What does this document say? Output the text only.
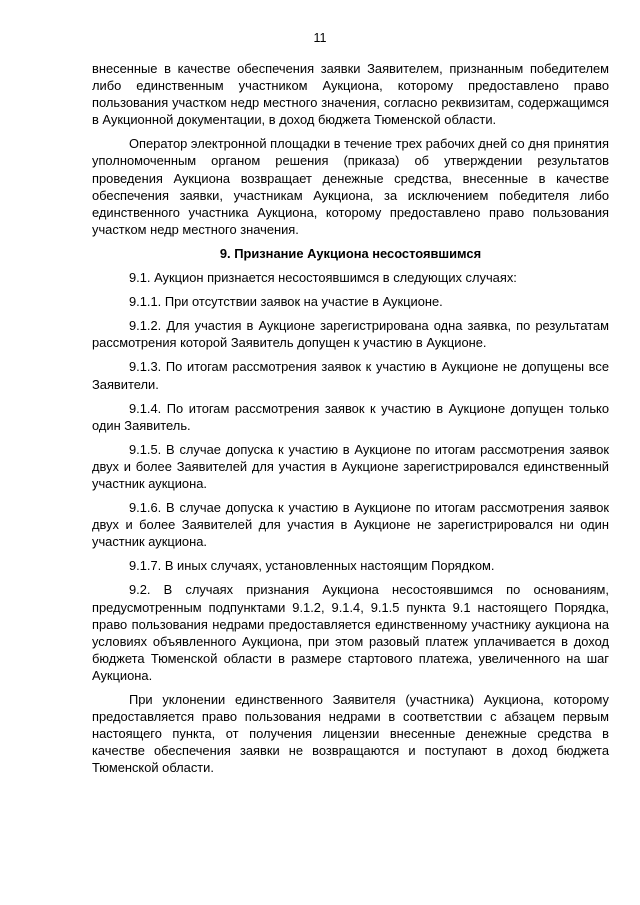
11

внесенные в качестве обеспечения заявки Заявителем, признанным победителем либо единственным участником Аукциона, которому предоставлено право пользования участком недр местного значения, согласно реквизитам, содержащимся в Аукционной документации, в доход бюджета Тюменской области.

Оператор электронной площадки в течение трех рабочих дней со дня принятия уполномоченным органом решения (приказа) об утверждении результатов проведения Аукциона возвращает денежные средства, внесенные в качестве обеспечения заявки, участникам Аукциона, за исключением победителя либо единственного участника Аукциона, которому предоставлено право пользования участком недр местного значения.

9. Признание Аукциона несостоявшимся

9.1. Аукцион признается несостоявшимся в следующих случаях:

9.1.1. При отсутствии заявок на участие в Аукционе.

9.1.2. Для участия в Аукционе зарегистрирована одна заявка, по результатам рассмотрения которой Заявитель допущен к участию в Аукционе.

9.1.3. По итогам рассмотрения заявок к участию в Аукционе не допущены все Заявители.

9.1.4. По итогам рассмотрения заявок к участию в Аукционе допущен только один Заявитель.

9.1.5. В случае допуска к участию в Аукционе по итогам рассмотрения заявок двух и более Заявителей для участия в Аукционе зарегистрировался единственный участник аукциона.

9.1.6. В случае допуска к участию в Аукционе по итогам рассмотрения заявок двух и более Заявителей для участия в Аукционе не зарегистрировался ни один участник аукциона.

9.1.7. В иных случаях, установленных настоящим Порядком.

9.2. В случаях признания Аукциона несостоявшимся по основаниям, предусмотренным подпунктами 9.1.2, 9.1.4, 9.1.5 пункта 9.1 настоящего Порядка, право пользования недрами предоставляется единственному участнику аукциона на условиях объявленного Аукциона, при этом разовый платеж уплачивается в доход бюджета Тюменской области в размере стартового платежа, увеличенного на шаг Аукциона.

При уклонении единственного Заявителя (участника) Аукциона, которому предоставляется право пользования недрами в соответствии с абзацем первым настоящего пункта, от получения лицензии внесенные денежные средства в качестве обеспечения заявки не возвращаются и поступают в доход бюджета Тюменской области.
